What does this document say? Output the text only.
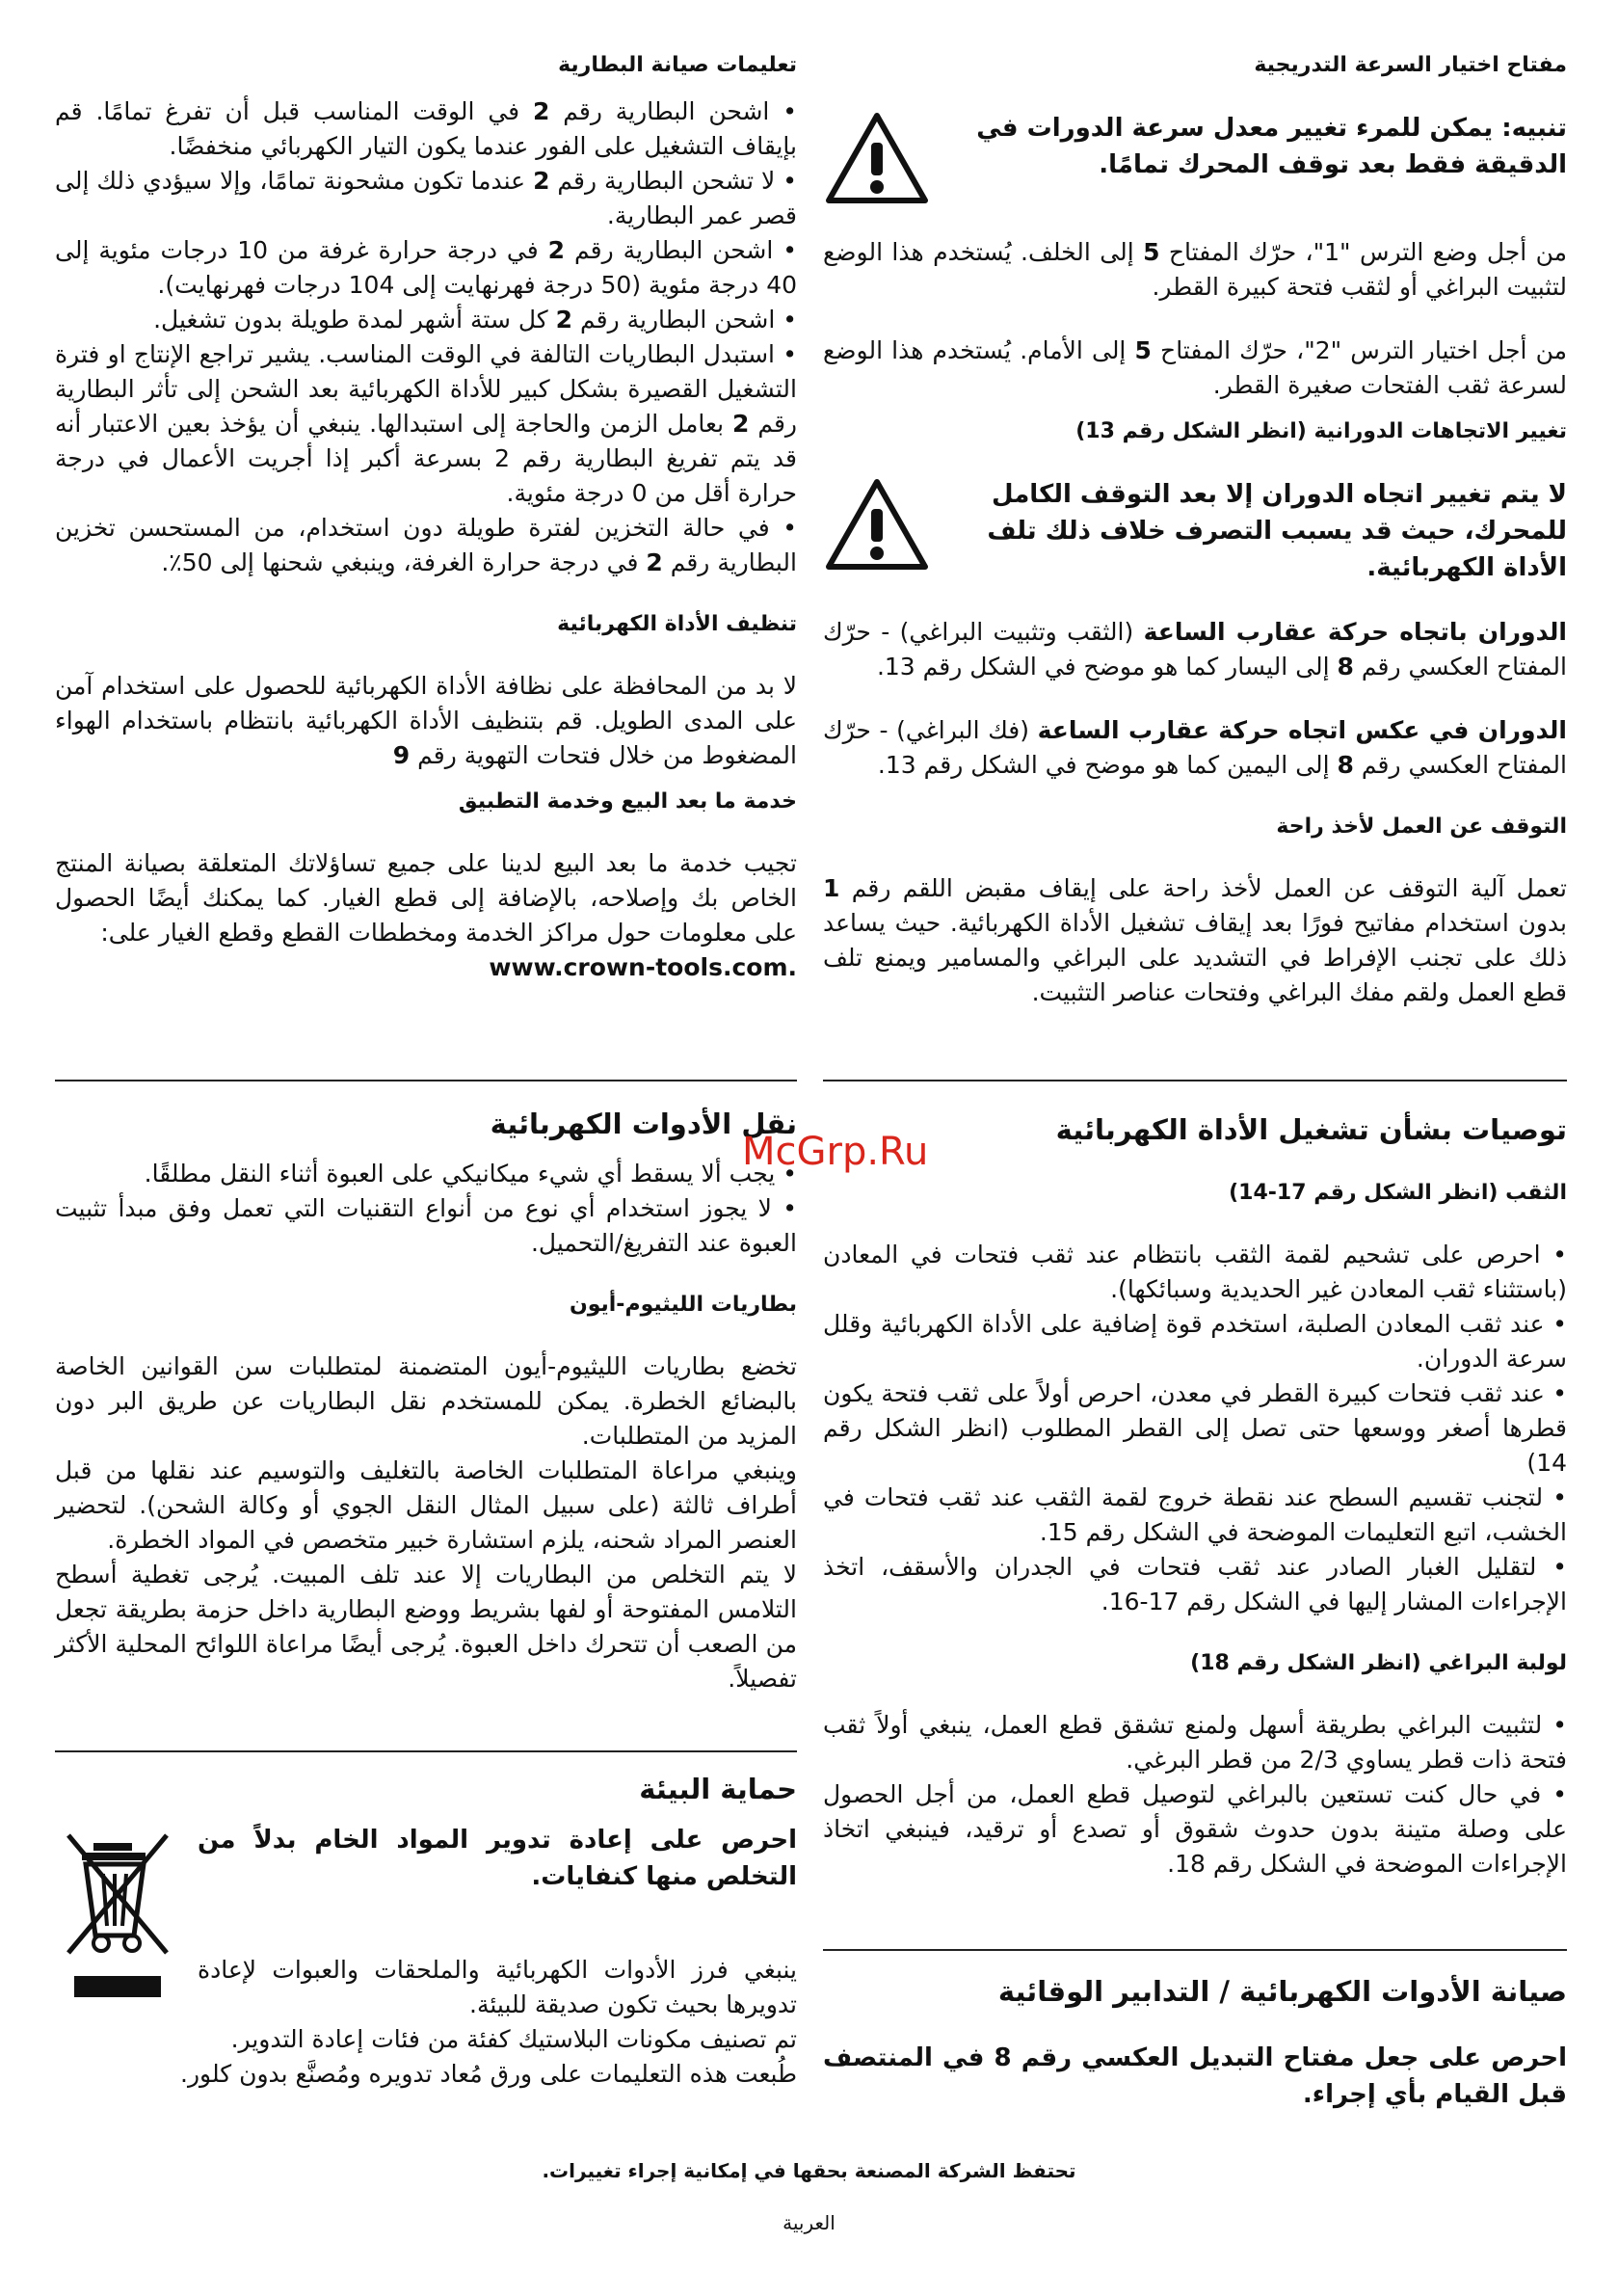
مفتاح اختيار السرعة التدريجية
تنبيه: يمكن للمرء تغيير معدل سرعة الدورات في الدقيقة فقط بعد توقف المحرك تمامًا.

من أجل وضع الترس "1"، حرّك المفتاح 5 إلى الخلف. يُستخدم هذا الوضع لتثبيت البراغي أو لثقب فتحة كبيرة القطر.

من أجل اختيار الترس "2"، حرّك المفتاح 5 إلى الأمام. يُستخدم هذا الوضع لسرعة ثقب الفتحات صغيرة القطر.

تغيير الاتجاهات الدورانية (انظر الشكل رقم 13)
لا يتم تغيير اتجاه الدوران إلا بعد التوقف الكامل للمحرك، حيث قد يسبب التصرف خلاف ذلك تلف الأداة الكهربائية.

الدوران باتجاه حركة عقارب الساعة (الثقب وتثبيت البراغي) - حرّك المفتاح العكسي رقم 8 إلى اليسار كما هو موضح في الشكل رقم 13.

الدوران في عكس اتجاه حركة عقارب الساعة (فك البراغي) - حرّك المفتاح العكسي رقم 8 إلى اليمين كما هو موضح في الشكل رقم 13.

التوقف عن العمل لأخذ راحة

تعمل آلية التوقف عن العمل لأخذ راحة على إيقاف مقبض اللقم رقم 1 بدون استخدام مفاتيح فورًا بعد إيقاف تشغيل الأداة الكهربائية. حيث يساعد ذلك على تجنب الإفراط في التشديد على البراغي والمسامير ويمنع تلف قطع العمل ولقم مفك البراغي وفتحات عناصر التثبيت.

توصيات بشأن تشغيل الأداة الكهربائية
الثقب (انظر الشكل رقم 17-14)

• احرص على تشحيم لقمة الثقب بانتظام عند ثقب فتحات في المعادن (باستثناء ثقب المعادن غير الحديدية وسبائكها).

• عند ثقب المعادن الصلبة، استخدم قوة إضافية على الأداة الكهربائية وقلل سرعة الدوران.

• عند ثقب فتحات كبيرة القطر في معدن، احرص أولاً على ثقب فتحة يكون قطرها أصغر ووسعها حتى تصل إلى القطر المطلوب (انظر الشكل رقم 14)

• لتجنب تقسيم السطح عند نقطة خروج لقمة الثقب عند ثقب فتحات في الخشب، اتبع التعليمات الموضحة في الشكل رقم 15.

• لتقليل الغبار الصادر عند ثقب فتحات في الجدران والأسقف، اتخذ الإجراءات المشار إليها في الشكل رقم 17-16.

لولبة البراغي (انظر الشكل رقم 18)

• لتثبيت البراغي بطريقة أسهل ولمنع تشقق قطع العمل، ينبغي أولاً ثقب فتحة ذات قطر يساوي 2/3 من قطر البرغي.

• في حال كنت تستعين بالبراغي لتوصيل قطع العمل، من أجل الحصول على وصلة متينة بدون حدوث شقوق أو تصدع أو ترقيد، فينبغي اتخاذ الإجراءات الموضحة في الشكل رقم 18.

صيانة الأدوات الكهربائية / التدابير الوقائية

احرص على جعل مفتاح التبديل العكسي رقم 8 في المنتصف قبل القيام بأي إجراء.

تعليمات صيانة البطارية

• اشحن البطارية رقم 2 في الوقت المناسب قبل أن تفرغ تمامًا. قم بإيقاف التشغيل على الفور عندما يكون التيار الكهربائي منخفضًا.

• لا تشحن البطارية رقم 2 عندما تكون مشحونة تمامًا، وإلا سيؤدي ذلك إلى قصر عمر البطارية.

• اشحن البطارية رقم 2 في درجة حرارة غرفة من 10 درجات مئوية إلى 40 درجة مئوية (50 درجة فهرنهايت إلى 104 درجات فهرنهايت).

• اشحن البطارية رقم 2 كل ستة أشهر لمدة طويلة بدون تشغيل.

• استبدل البطاريات التالفة في الوقت المناسب. يشير تراجع الإنتاج او فترة التشغيل القصيرة بشكل كبير للأداة الكهربائية بعد الشحن إلى تأثر البطارية رقم 2 بعامل الزمن والحاجة إلى استبدالها. ينبغي أن يؤخذ بعين الاعتبار أنه قد يتم تفريغ البطارية رقم 2 بسرعة أكبر إذا أجريت الأعمال في درجة حرارة أقل من 0 درجة مئوية.

• في حالة التخزين لفترة طويلة دون استخدام، من المستحسن تخزين البطارية رقم 2 في درجة حرارة الغرفة، وينبغي شحنها إلى 50٪.

تنظيف الأداة الكهربائية

لا بد من المحافظة على نظافة الأداة الكهربائية للحصول على استخدام آمن على المدى الطويل. قم بتنظيف الأداة الكهربائية بانتظام باستخدام الهواء المضغوط من خلال فتحات التهوية رقم 9

خدمة ما بعد البيع وخدمة التطبيق

تجيب خدمة ما بعد البيع لدينا على جميع تساؤلاتك المتعلقة بصيانة المنتج الخاص بك وإصلاحه، بالإضافة إلى قطع الغيار. كما يمكنك أيضًا الحصول على معلومات حول مراكز الخدمة ومخططات القطع وقطع الغيار على:

www.crown-tools.com.

نقل الأدوات الكهربائية

• يجب ألا يسقط أي شيء ميكانيكي على العبوة أثناء النقل مطلقًا.

• لا يجوز استخدام أي نوع من أنواع التقنيات التي تعمل وفق مبدأ تثبيت العبوة عند التفريغ/التحميل.

بطاريات الليثيوم-أيون

تخضع بطاريات الليثيوم-أيون المتضمنة لمتطلبات سن القوانين الخاصة بالبضائع الخطرة. يمكن للمستخدم نقل البطاريات عن طريق البر دون المزيد من المتطلبات.

وينبغي مراعاة المتطلبات الخاصة بالتغليف والتوسيم عند نقلها من قبل أطراف ثالثة (على سبيل المثال النقل الجوي أو وكالة الشحن). لتحضير العنصر المراد شحنه، يلزم استشارة خبير متخصص في المواد الخطرة.

لا يتم التخلص من البطاريات إلا عند تلف المبيت. يُرجى تغطية أسطح التلامس المفتوحة أو لفها بشريط ووضع البطارية داخل حزمة بطريقة تجعل من الصعب أن تتحرك داخل العبوة. يُرجى أيضًا مراعاة اللوائح المحلية الأكثر تفصيلاً.

حماية البيئة

احرص على إعادة تدوير المواد الخام بدلاً من التخلص منها كنفايات.

ينبغي فرز الأدوات الكهربائية والملحقات والعبوات لإعادة تدويرها بحيث تكون صديقة للبيئة.

تم تصنيف مكونات البلاستيك كفئة من فئات إعادة التدوير.

طُبعت هذه التعليمات على ورق مُعاد تدويره ومُصنَّع بدون كلور.

McGrp.Ru
تحتفظ الشركة المصنعة بحقها في إمكانية إجراء تغييرات.
العربية
